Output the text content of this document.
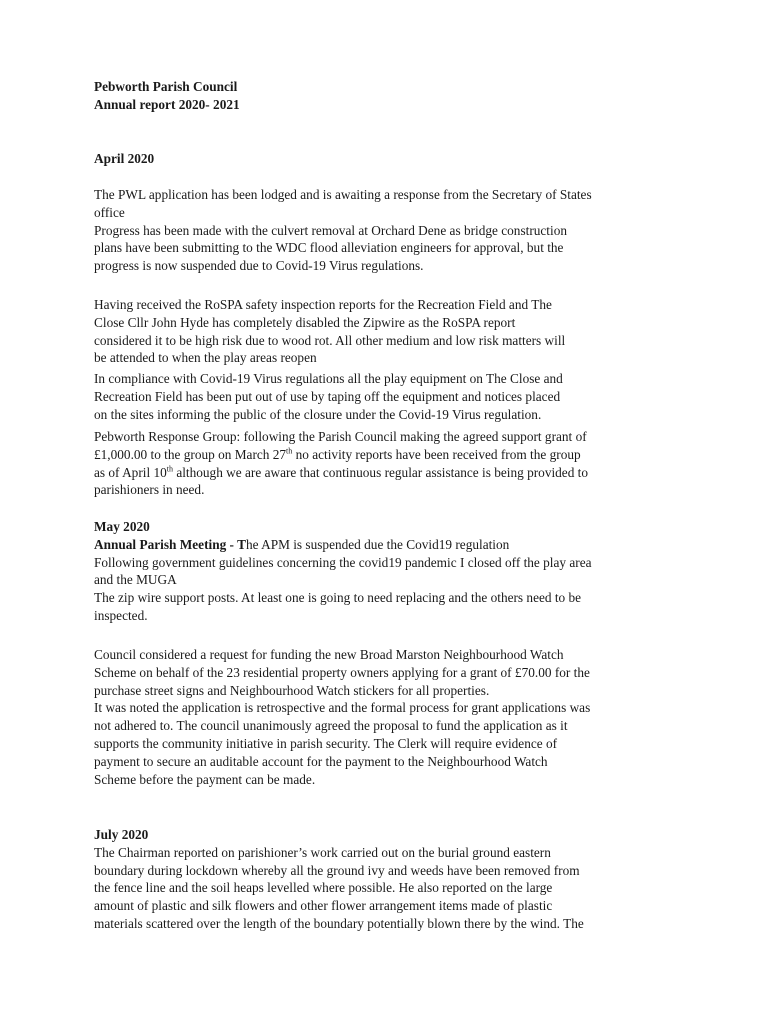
Pebworth Parish Council
Annual report 2020- 2021
April 2020
The PWL application has been lodged and is awaiting a response from the Secretary of States
office
Progress has been made with the culvert removal at Orchard Dene as bridge construction
plans have been submitting to the WDC flood alleviation engineers for approval, but the
progress is now suspended due to Covid-19 Virus regulations.
Having received the RoSPA safety inspection reports for the Recreation Field and The
Close Cllr John Hyde has completely disabled the Zipwire as the RoSPA report
considered it to be high risk due to wood rot. All other medium and low risk matters will
be attended to when the play areas reopen
In compliance with Covid-19 Virus regulations all the play equipment on The Close and
Recreation Field has been put out of use by taping off the equipment and notices placed
on the sites informing the public of the closure under the Covid-19 Virus regulation.
Pebworth Response Group: following the Parish Council making the agreed support grant of
£1,000.00 to the group on March 27th no activity reports have been received from the group
as of April 10th although we are aware that continuous regular assistance is being provided to
parishioners in need.
May 2020
Annual Parish Meeting - The APM is suspended due the Covid19 regulation
Following government guidelines concerning the covid19 pandemic I closed off the play area
and the MUGA
The zip wire support posts. At least one is going to need replacing and the others need to be
inspected.
Council considered a request for funding the new Broad Marston Neighbourhood Watch
Scheme on behalf of the 23 residential property owners applying for a grant of £70.00 for the
purchase street signs and Neighbourhood Watch stickers for all properties.
It was noted the application is retrospective and the formal process for grant applications was
not adhered to. The council unanimously agreed the proposal to fund the application as it
supports the community initiative in parish security. The Clerk will require evidence of
payment to secure an auditable account for the payment to the Neighbourhood Watch
Scheme before the payment can be made.
July 2020
The Chairman reported on parishioner’s work carried out on the burial ground eastern
boundary during lockdown whereby all the ground ivy and weeds have been removed from
the fence line and the soil heaps levelled where possible. He also reported on the large
amount of plastic and silk flowers and other flower arrangement items made of plastic
materials scattered over the length of the boundary potentially blown there by the wind. The
